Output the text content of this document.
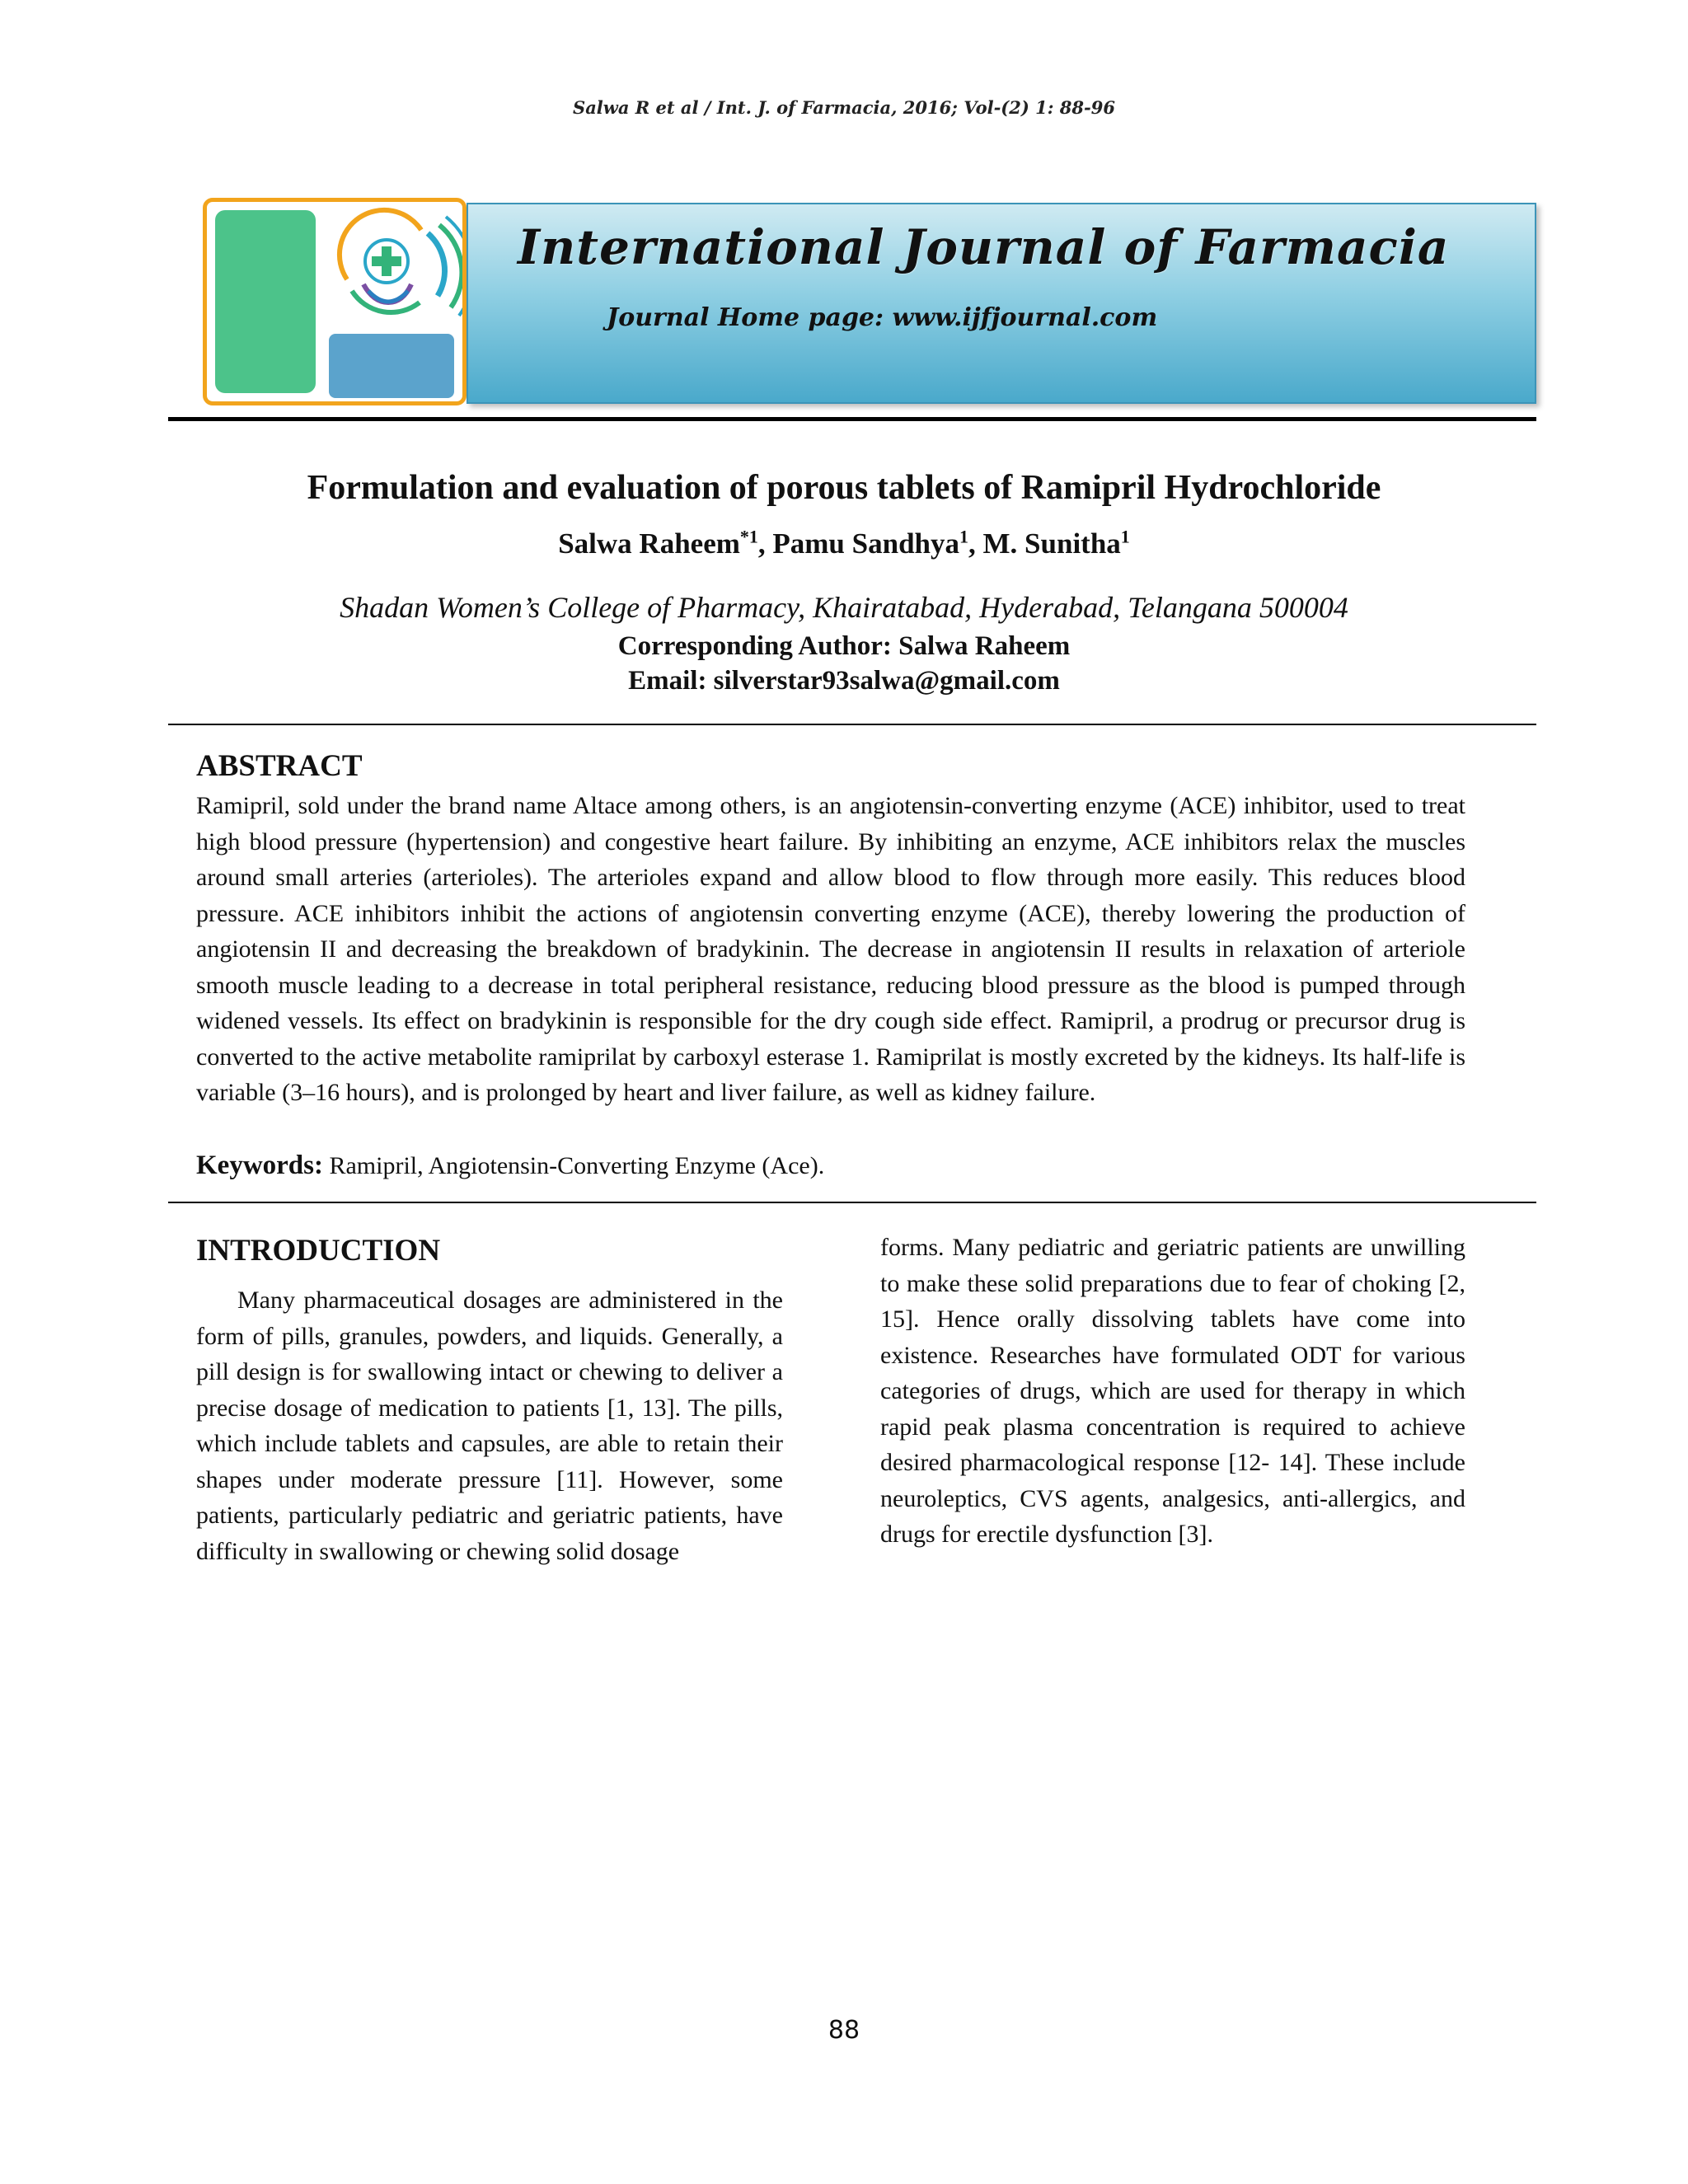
Salwa R et al / Int. J. of Farmacia, 2016; Vol-(2) 1: 88-96
International Journal of Farmacia
Journal Home page: www.ijfjournal.com
Formulation and evaluation of porous tablets of Ramipril Hydrochloride
Salwa Raheem$^{*1}$, Pamu Sandhya$^1$, M. Sunitha$^1$
Shadan Women’s College of Pharmacy, Khairatabad, Hyderabad, Telangana 500004
Corresponding Author: Salwa Raheem
Email: silverstar93salwa@gmail.com
ABSTRACT
Ramipril, sold under the brand name Altace among others, is an angiotensin-converting enzyme (ACE) inhibitor, used to treat high blood pressure (hypertension) and congestive heart failure. By inhibiting an enzyme, ACE inhibitors relax the muscles around small arteries (arterioles). The arterioles expand and allow blood to flow through more easily. This reduces blood pressure. ACE inhibitors inhibit the actions of angiotensin converting enzyme (ACE), thereby lowering the production of angiotensin II and decreasing the breakdown of bradykinin. The decrease in angiotensin II results in relaxation of arteriole smooth muscle leading to a decrease in total peripheral resistance, reducing blood pressure as the blood is pumped through widened vessels. Its effect on bradykinin is responsible for the dry cough side effect. Ramipril, a prodrug or precursor drug is converted to the active metabolite ramiprilat by carboxyl esterase 1. Ramiprilat is mostly excreted by the kidneys. Its half-life is variable (3–16 hours), and is prolonged by heart and liver failure, as well as kidney failure.
Keywords: Ramipril, Angiotensin-Converting Enzyme (Ace).
INTRODUCTION
Many pharmaceutical dosages are administered in the form of pills, granules, powders, and liquids. Generally, a pill design is for swallowing intact or chewing to deliver a precise dosage of medication to patients [1, 13]. The pills, which include tablets and capsules, are able to retain their shapes under moderate pressure [11]. However, some patients, particularly pediatric and geriatric patients, have difficulty in swallowing or chewing solid dosage
forms. Many pediatric and geriatric patients are unwilling to make these solid preparations due to fear of choking [2, 15]. Hence orally dissolving tablets have come into existence. Researches have formulated ODT for various categories of drugs, which are used for therapy in which rapid peak plasma concentration is required to achieve desired pharmacological response [12- 14]. These include neuroleptics, CVS agents, analgesics, anti-allergics, and drugs for erectile dysfunction [3].
88
